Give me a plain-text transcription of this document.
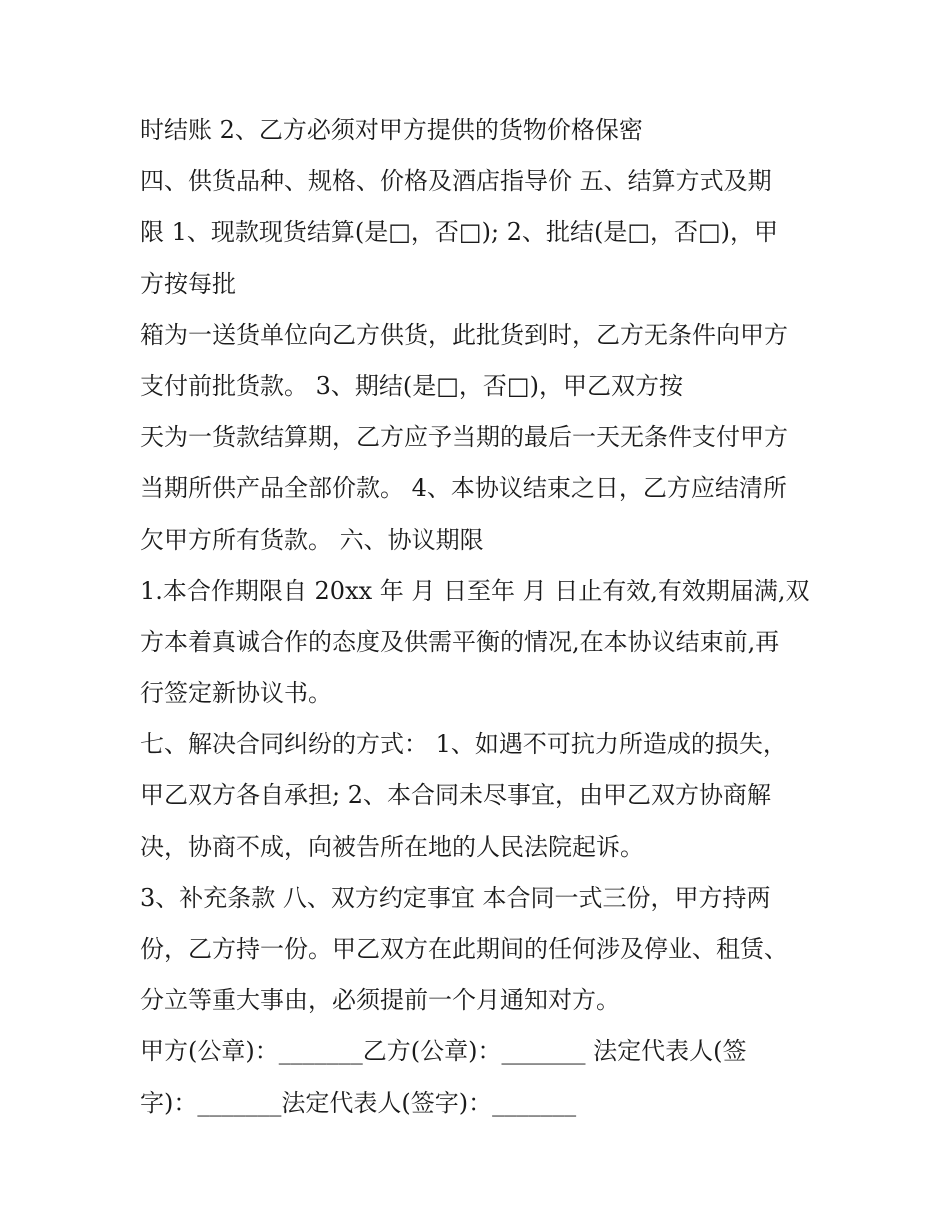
时结账 2、乙方必须对甲方提供的货物价格保密
四、供货品种、规格、价格及酒店指导价 五、结算方式及期
限 1、现款现货结算(是□，否□); 2、批结(是□，否□)，甲
方按每批
箱为一送货单位向乙方供货，此批货到时，乙方无条件向甲方
支付前批货款。 3、期结(是□，否□)，甲乙双方按
天为一货款结算期，乙方应予当期的最后一天无条件支付甲方
当期所供产品全部价款。 4、本协议结束之日，乙方应结清所
欠甲方所有货款。 六、协议期限
1.本合作期限自 20xx 年 月 日至年 月 日止有效,有效期届满,双
方本着真诚合作的态度及供需平衡的情况,在本协议结束前,再
行签定新协议书。
七、解决合同纠纷的方式： 1、如遇不可抗力所造成的损失，
甲乙双方各自承担; 2、本合同未尽事宜，由甲乙双方协商解
决，协商不成，向被告所在地的人民法院起诉。
3、补充条款 八、双方约定事宜 本合同一式三份，甲方持两
份，乙方持一份。甲乙双方在此期间的任何涉及停业、租赁、
分立等重大事由，必须提前一个月通知对方。
甲方(公章)：_______乙方(公章)：_______ 法定代表人(签
字)：_______法定代表人(签字)：_______
